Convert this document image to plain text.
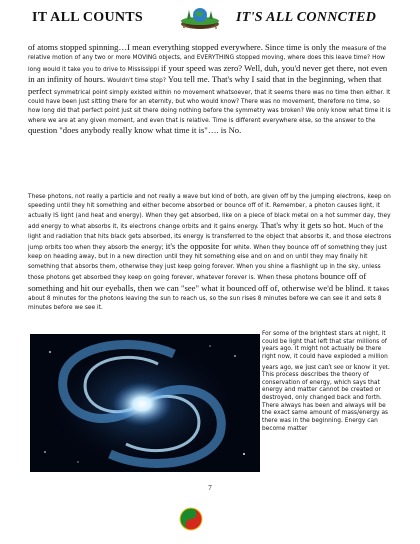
IT ALL COUNTS	IT'S ALL CONNCTED
of atoms stopped spinning…I mean everything stopped everywhere. Since time is only the measure of the relative motion of any two or more MOVING objects, and EVERYTHING stopped moving, where does this leave time? How long would it take you to drive to Mississippi if your speed was zero? Well, duh, you'd never get there, not even in an infinity of hours. Wouldn't time stop? You tell me. That's why I said that in the beginning, when that perfect symmetrical point simply existed within no movement whatsoever, that it seems there was no time then either. It could have been just sitting there for an eternity, but who would know? There was no movement, therefore no time, so how long did that perfect point just sit there doing nothing before the symmetry was broken? We only know what time it is where we are at any given moment, and even that is relative. Time is different everywhere else, so the answer to the question "does anybody really know what time it is"…. is No.
These photons, not really a particle and not really a wave but kind of both, are given off by the jumping electrons, keep on speeding until they hit something and either become absorbed or bounce off of it. Remember, a photon causes light, it actually IS light (and heat and energy). When they get absorbed, like on a piece of black metal on a hot summer day, they add energy to what absorbs it, its electrons change orbits and it gains energy. That's why it gets so hot. Much of the light and radiation that hits black gets absorbed, its energy is transferred to the object that absorbs it, and those electrons jump orbits too when they absorb the energy; it's the opposite for white. When they bounce off of something they just keep on heading away, but in a new direction until they hit something else and on and on until they may finally hit something that absorbs them, otherwise they just keep going forever. When you shine a flashlight up in the sky, unless those photons get absorbed they keep on going forever, whatever forever is. When these photons bounce off of something and hit our eyeballs, then we can "see" what it bounced off of, otherwise we'd be blind. It takes about 8 minutes for the photons leaving the sun to reach us, so the sun rises 8 minutes before we can see it and sets 8 minutes before we see it.
For some of the brightest stars at night, it could be light that left that star millions of years ago. It might not actually be there right now, it could have exploded a million years ago, we just can't see or know it yet. This process describes the theory of conservation of energy, which says that energy and matter cannot be created or destroyed, only changed back and forth. There always has been and always will be the exact same amount of mass/energy as there was in the beginning. Energy can become matter
7
